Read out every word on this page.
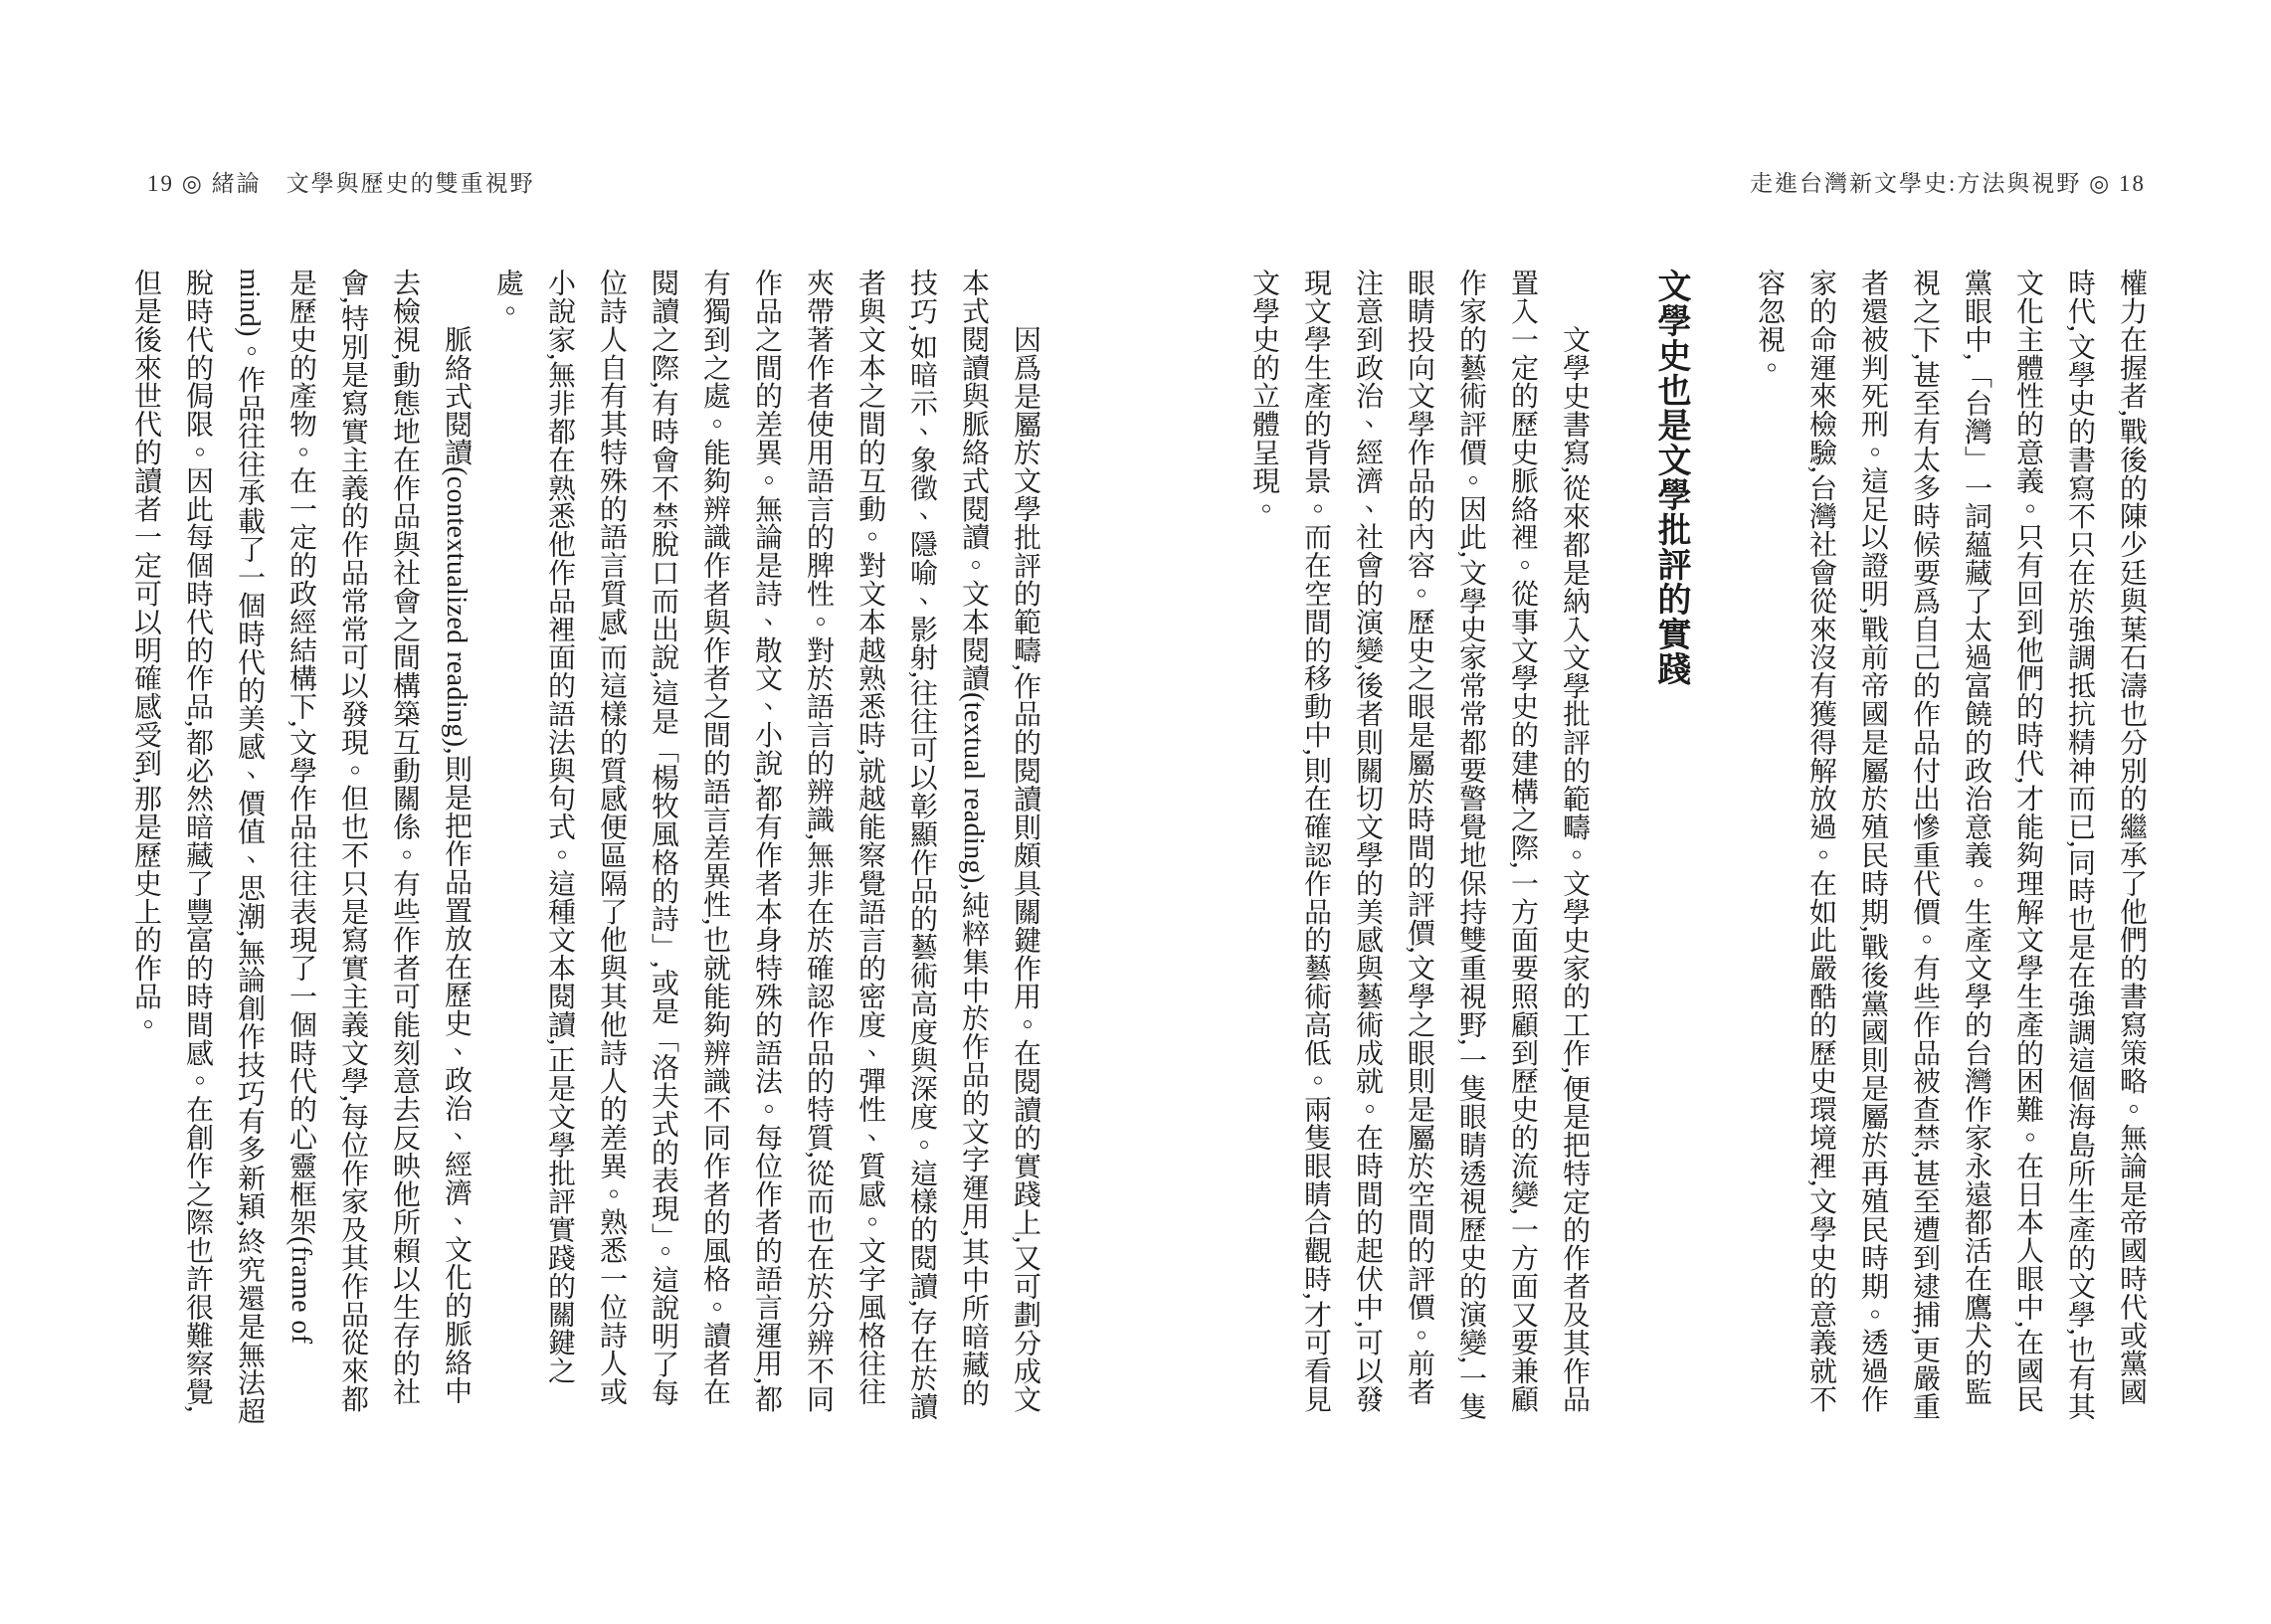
19 ◎ 緒論　文學與歷史的雙重視野	走進台灣新文學史:方法與視野 ◎ 18

權力在握者,戰後的陳少廷與葉石濤也分別的繼承了他們的書寫策略。無論是帝國時代或黨國時代,文學史的書寫不只在於強調抵抗精神而已,同時也是在強調這個海島所生產的文學,也有其文化主體性的意義。只有回到他們的時代,才能夠理解文學生產的困難。在日本人眼中,在國民黨眼中,「台灣」一詞蘊藏了太過富饒的政治意義。生產文學的台灣作家永遠都活在鷹犬的監視之下,甚至有太多時候要爲自己的作品付出慘重代價。有些作品被查禁,甚至遭到逮捕,更嚴重者還被判死刑。這足以證明,戰前帝國是屬於殖民時期,戰後黨國則是屬於再殖民時期。透過作家的命運來檢驗,台灣社會從來沒有獲得解放過。在如此嚴酷的歷史環境裡,文學史的意義就不容忽視。

文學史也是文學批評的實踐

文學史書寫,從來都是納入文學批評的範疇。文學史家的工作,便是把特定的作者及其作品置入一定的歷史脈絡裡。從事文學史的建構之際,一方面要照顧到歷史的流變,一方面又要兼顧作家的藝術評價。因此,文學史家常常都要警覺地保持雙重視野,一隻眼睛透視歷史的演變,一隻眼睛投向文學作品的內容。歷史之眼是屬於時間的評價,文學之眼則是屬於空間的評價。前者注意到政治、經濟、社會的演變,後者則關切文學的美感與藝術成就。在時間的起伏中,可以發現文學生產的背景。而在空間的移動中,則在確認作品的藝術高低。兩隻眼睛合觀時,才可看見文學史的立體呈現。

因爲是屬於文學批評的範疇,作品的閱讀則頗具關鍵作用。在閱讀的實踐上,又可劃分成文本式閱讀與脈絡式閱讀。文本閱讀(textual reading),純粹集中於作品的文字運用,其中所暗藏的技巧,如暗示、象徵、隱喻、影射,往往可以彰顯作品的藝術高度與深度。這樣的閱讀,存在於讀者與文本之間的互動。對文本越熟悉時,就越能察覺語言的密度、彈性、質感。文字風格往往夾帶著作者使用語言的脾性。對於語言的辨識,無非在於確認作品的特質,從而也在於分辨不同作品之間的差異。無論是詩、散文、小說,都有作者本身特殊的語法。每位作者的語言運用,都有獨到之處。能夠辨識作者與作者之間的語言差異性,也就能夠辨識不同作者的風格。讀者在閱讀之際,有時會不禁脫口而出說,這是「楊牧風格的詩」,或是「洛夫式的表現」。這說明了每位詩人自有其特殊的語言質感,而這樣的質感便區隔了他與其他詩人的差異。熟悉一位詩人或小說家,無非都在熟悉他作品裡面的語法與句式。這種文本閱讀,正是文學批評實踐的關鍵之處。

脈絡式閱讀(contextualized reading),則是把作品置放在歷史、政治、經濟、文化的脈絡中去檢視,動態地在作品與社會之間構築互動關係。有些作者可能刻意去反映他所賴以生存的社會,特別是寫實主義的作品常常可以發現。但也不只是寫實主義文學,每位作家及其作品從來都是歷史的產物。在一定的政經結構下,文學作品往往表現了一個時代的心靈框架(frame of mind)。作品往往承載了一個時代的美感、價值、思潮,無論創作技巧有多新穎,終究還是無法超脫時代的侷限。因此每個時代的作品,都必然暗藏了豐富的時間感。在創作之際也許很難察覺,但是後來世代的讀者一定可以明確感受到,那是歷史上的作品。
